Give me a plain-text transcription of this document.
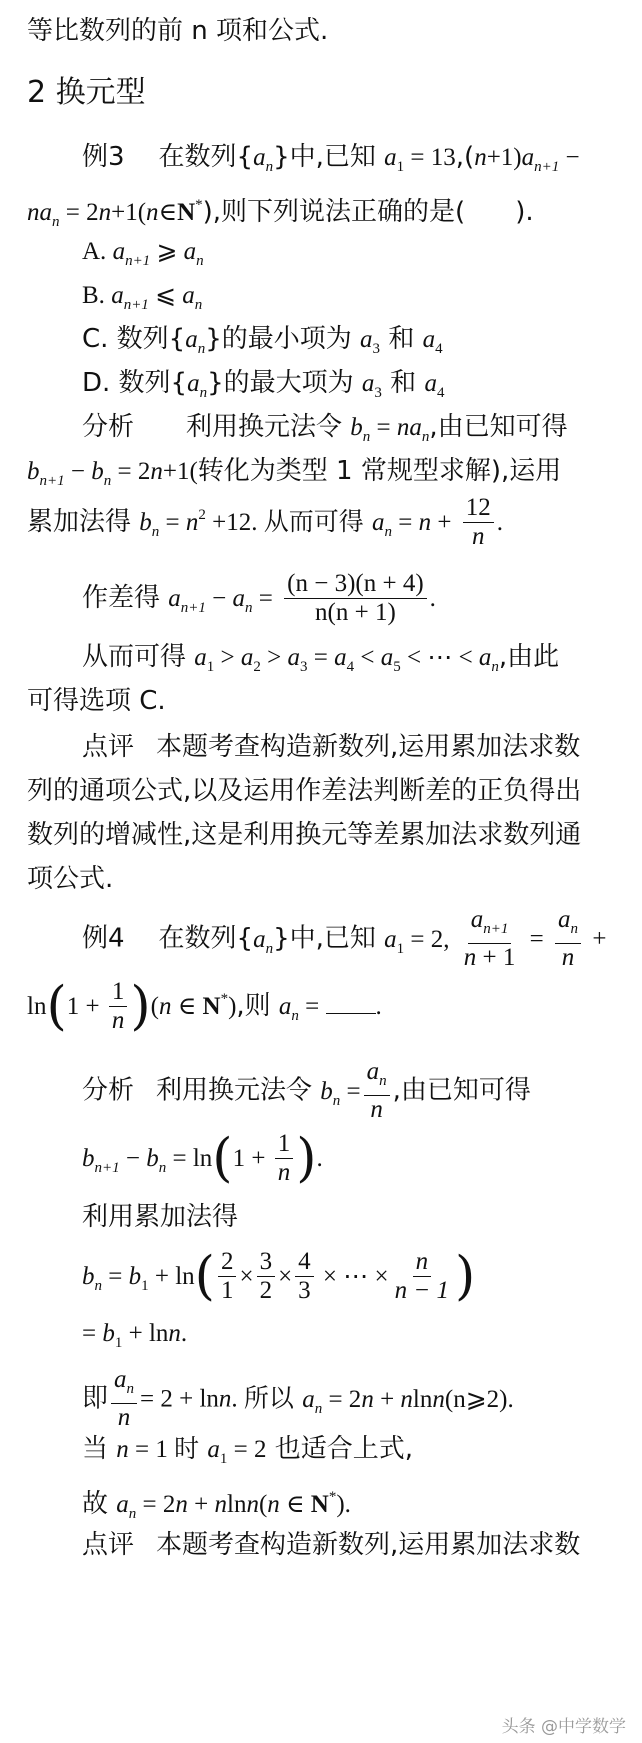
等比数列的前 n 项和公式.
2 换元型
例3 在数列$\{a_n\}$中,已知 $a_1 = 13,(n+1)a_{n+1}$ −
$na_n$ = 2n+1(n∈N*),则下列说法正确的是( ).
A. $a_{n+1}$ ⩾ $a_n$
B. $a_{n+1}$ ⩽ $a_n$
C. 数列$\{a_n\}$的最小项为 $a_3$ 和 $a_4$
D. 数列$\{a_n\}$的最大项为 $a_3$ 和 $a_4$
分析 利用换元法令 $b_n = na_n$,由已知可得
$b_{n+1} - b_n = 2n+1$(转化为类型 1 常规型求解),运用
累加法得 $b_n = n^2 +12$. 从而可得 $a_n = n + \frac{12}{n}$ .
作差得 $a_{n+1} - a_n = \frac{(n - 3)(n + 4)}{n(n + 1)}$ .
从而可得 $a_1 > a_2 > a_3 = a_4 < a_5$ < ⋯ < $a_n$,由此
可得选项 C.
点评 本题考查构造新数列,运用累加法求数
列的通项公式,以及运用作差法判断差的正负得出
数列的增减性,这是利用换元等差累加法求数列通
项公式.
例4 在数列$\{a_n\}$中,已知 $a_1 = 2$, $\frac{a_{n+1}}{n + 1} = \frac{a_n}{n}$ +
$\ln(1 + \frac{1}{n} )(n$ ∈ N*),则 $a_n$ = .
分析 利用换元法令 $b_n = \frac{a_n}{n}$ ,由已知可得
$b_{n+1} - b_n = \ln(1 + \frac{1}{n}$ ).
利用累加法得
$b_n = b_1 + \ln( \frac{2}{1} \times \frac{3}{2} \times \frac{4}{3}$ × ⋯ × $\frac{n}{n - 1}$ )
= $b_1 + \ln n$.
即 $\frac{a_n}{n} = 2 + \ln n$. 所以 $a_n = 2n$ + nlnn(n⩾2).
当 n = 1 时 $a_1 = 2$ 也适合上式,
故 $a_n = 2n + nlnn(n$ ∈ N*).
点评 本题考查构造新数列,运用累加法求数
头条 @中学数学
